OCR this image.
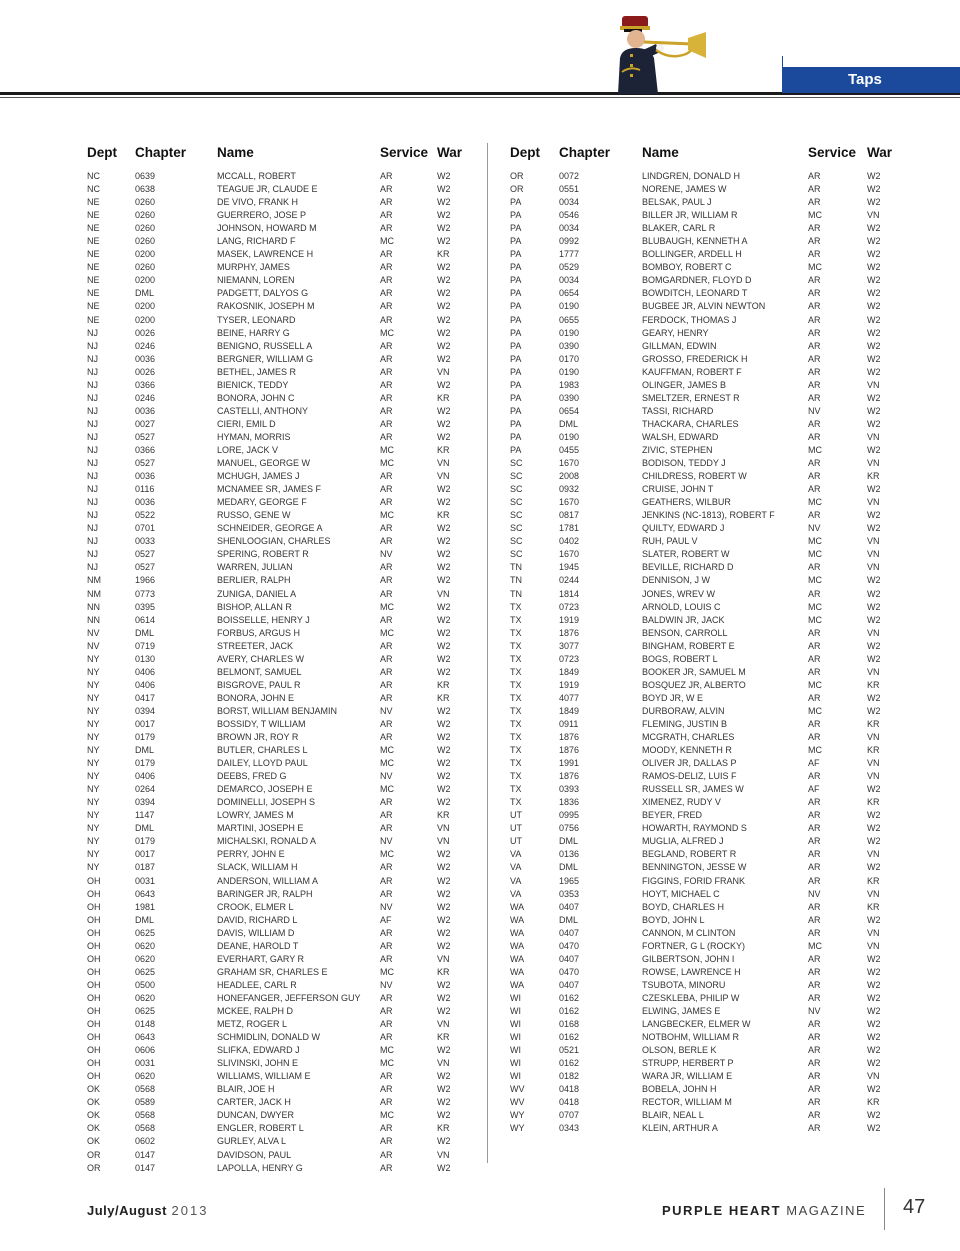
Taps
Dept Chapter Name	Service War
NC	0639	MCCALL, ROBERT	AR	W2
NC	0638	TEAGUE JR, CLAUDE E	AR	W2
NE	0260	DE VIVO, FRANK H	AR	W2
NE	0260	GUERRERO, JOSE P	AR	W2
NE	0260	JOHNSON, HOWARD M	AR	W2
NE	0260	LANG, RICHARD F	MC	W2
NE	0200	MASEK, LAWRENCE H	AR	KR
NE	0260	MURPHY, JAMES	AR	W2
NE	0200	NIEMANN, LOREN	AR	W2
NE	DML	PADGETT, DALYOS G	AR	W2
NE	0200	RAKOSNIK, JOSEPH M	AR	W2
NE	0200	TYSER, LEONARD	AR	W2
NJ	0026	BEINE, HARRY G	MC	W2
NJ	0246	BENIGNO, RUSSELL A	AR	W2
NJ	0036	BERGNER, WILLIAM G	AR	W2
NJ	0026	BETHEL, JAMES R	AR	VN
NJ	0366	BIENICK, TEDDY	AR	W2
NJ	0246	BONORA, JOHN C	AR	KR
NJ	0036	CASTELLI, ANTHONY	AR	W2
NJ	0027	CIERI, EMIL D	AR	W2
NJ	0527	HYMAN, MORRIS	AR	W2
NJ	0366	LORE, JACK V	MC	KR
NJ	0527	MANUEL, GEORGE W	MC	VN
NJ	0036	MCHUGH, JAMES J	AR	VN
NJ	0116	MCNAMEE SR, JAMES F	AR	W2
NJ	0036	MEDARY, GEORGE F	AR	W2
NJ	0522	RUSSO, GENE W	MC	KR
NJ	0701	SCHNEIDER, GEORGE A	AR	W2
NJ	0033	SHENLOOGIAN, CHARLES	AR	W2
NJ	0527	SPERING, ROBERT R	NV	W2
NJ	0527	WARREN, JULIAN	AR	W2
NM	1966	BERLIER, RALPH	AR	W2
NM	0773	ZUNIGA, DANIEL A	AR	VN
NN	0395	BISHOP, ALLAN R	MC	W2
NN	0614	BOISSELLE, HENRY J	AR	W2
NV	DML	FORBUS, ARGUS H	MC	W2
NV	0719	STREETER, JACK	AR	W2
NY	0130	AVERY, CHARLES W	AR	W2
NY	0406	BELMONT, SAMUEL	AR	W2
NY	0406	BISGROVE, PAUL R	AR	KR
NY	0417	BONORA, JOHN E	AR	KR
NY	0394	BORST, WILLIAM BENJAMIN	NV	W2
NY	0017	BOSSIDY, T WILLIAM	AR	W2
NY	0179	BROWN JR, ROY R	AR	W2
NY	DML	BUTLER, CHARLES L	MC	W2
NY	0179	DAILEY, LLOYD PAUL	MC	W2
NY	0406	DEEBS, FRED G	NV	W2
NY	0264	DEMARCO, JOSEPH E	MC	W2
NY	0394	DOMINELLI, JOSEPH S	AR	W2
NY	1147	LOWRY, JAMES M	AR	KR
NY	DML	MARTINI, JOSEPH E	AR	VN
NY	0179	MICHALSKI, RONALD A	NV	VN
NY	0017	PERRY, JOHN E	MC	W2
NY	0187	SLACK, WILLIAM H	AR	W2
OH	0031	ANDERSON, WILLIAM A	AR	W2
OH	0643	BARINGER JR, RALPH	AR	W2
OH	1981	CROOK, ELMER L	NV	W2
OH	DML	DAVID, RICHARD L	AF	W2
OH	0625	DAVIS, WILLIAM D	AR	W2
OH	0620	DEANE, HAROLD T	AR	W2
OH	0620	EVERHART, GARY R	AR	VN
OH	0625	GRAHAM SR, CHARLES E	MC	KR
OH	0500	HEADLEE, CARL R	NV	W2
OH	0620	HONEFANGER, JEFFERSON GUY AR	W2
OH	0625	MCKEE, RALPH D	AR	W2
OH	0148	METZ, ROGER L	AR	VN
OH	0643	SCHMIDLIN, DONALD W	AR	KR
OH	0606	SLIFKA, EDWARD J	MC	W2
OH	0031	SLIVINSKI, JOHN E	MC	VN
OH	0620	WILLIAMS, WILLIAM E	AR	W2
OK	0568	BLAIR, JOE H	AR	W2
OK	0589	CARTER, JACK H	AR	W2
OK	0568	DUNCAN, DWYER	MC	W2
OK	0568	ENGLER, ROBERT L	AR	KR
OK	0602	GURLEY, ALVA L	AR	W2
OR	0147	DAVIDSON, PAUL	AR	VN
OR	0147	LAPOLLA, HENRY G	AR	W2
Dept Chapter Name	Service War
OR	0072	LINDGREN, DONALD H	AR	W2
OR	0551	NORENE, JAMES W	AR	W2
PA	0034	BELSAK, PAUL J	AR	W2
PA	0546	BILLER JR, WILLIAM R	MC	VN
PA	0034	BLAKER, CARL R	AR	W2
PA	0992	BLUBAUGH, KENNETH A	AR	W2
PA	1777	BOLLINGER, ARDELL H	AR	W2
PA	0529	BOMBOY, ROBERT C	MC	W2
PA	0034	BOMGARDNER, FLOYD D	AR	W2
PA	0654	BOWDITCH, LEONARD T	AR	W2
PA	0190	BUGBEE JR, ALVIN NEWTON	AR	W2
PA	0655	FERDOCK, THOMAS J	AR	W2
PA	0190	GEARY, HENRY	AR	W2
PA	0390	GILLMAN, EDWIN	AR	W2
PA	0170	GROSSO, FREDERICK H	AR	W2
PA	0190	KAUFFMAN, ROBERT F	AR	W2
PA	1983	OLINGER, JAMES B	AR	VN
PA	0390	SMELTZER, ERNEST R	AR	W2
PA	0654	TASSI, RICHARD	NV	W2
PA	DML	THACKARA, CHARLES	AR	W2
PA	0190	WALSH, EDWARD	AR	VN
PA	0455	ZIVIC, STEPHEN	MC	W2
SC	1670	BODISON, TEDDY J	AR	VN
SC	2008	CHILDRESS, ROBERT W	AR	KR
SC	0932	CRUISE, JOHN T	AR	W2
SC	1670	GEATHERS, WILBUR	MC	VN
SC	0817	JENKINS (NC-1813), ROBERT F	AR	W2
SC	1781	QUILTY, EDWARD J	NV	W2
SC	0402	RUH, PAUL V	MC	VN
SC	1670	SLATER, ROBERT W	MC	VN
TN	1945	BEVILLE, RICHARD D	AR	VN
TN	0244	DENNISON, J W	MC	W2
TN	1814	JONES, WREV W	AR	W2
TX	0723	ARNOLD, LOUIS C	MC	W2
TX	1919	BALDWIN JR, JACK	MC	W2
TX	1876	BENSON, CARROLL	AR	VN
TX	3077	BINGHAM, ROBERT E	AR	W2
TX	0723	BOGS, ROBERT L	AR	W2
TX	1849	BOOKER JR, SAMUEL M	AR	VN
TX	1919	BOSQUEZ JR, ALBERTO	MC	KR
TX	4077	BOYD JR, W E	AR	W2
TX	1849	DURBORAW, ALVIN	MC	W2
TX	0911	FLEMING, JUSTIN B	AR	KR
TX	1876	MCGRATH, CHARLES	AR	VN
TX	1876	MOODY, KENNETH R	MC	KR
TX	1991	OLIVER JR, DALLAS P	AF	VN
TX	1876	RAMOS-DELIZ, LUIS F	AR	VN
TX	0393	RUSSELL SR, JAMES W	AF	W2
TX	1836	XIMENEZ, RUDY V	AR	KR
UT	0995	BEYER, FRED	AR	W2
UT	0756	HOWARTH, RAYMOND S	AR	W2
UT	DML	MUGLIA, ALFRED J	AR	W2
VA	0136	BEGLAND, ROBERT R	AR	VN
VA	DML	BENNINGTON, JESSE W	AR	W2
VA	1965	FIGGINS, FORID FRANK	AR	KR
VA	0353	HOYT, MICHAEL C	NV	VN
WA	0407	BOYD, CHARLES H	AR	KR
WA	DML	BOYD, JOHN L	AR	W2
WA	0407	CANNON, M CLINTON	AR	VN
WA	0470	FORTNER, G L (ROCKY)	MC	VN
WA	0407	GILBERTSON, JOHN I	AR	W2
WA	0470	ROWSE, LAWRENCE H	AR	W2
WA	0407	TSUBOTA, MINORU	AR	W2
WI	0162	CZESKLEBA, PHILIP W	AR	W2
WI	0162	ELWING, JAMES E	NV	W2
WI	0168	LANGBECKER, ELMER W	AR	W2
WI	0162	NOTBOHM, WILLIAM R	AR	W2
WI	0521	OLSON, BERLE K	AR	W2
WI	0162	STRUPP, HERBERT P	AR	W2
WI	0182	WARA JR, WILLIAM E	AR	VN
WV	0418	BOBELA, JOHN H	AR	W2
WV	0418	RECTOR, WILLIAM M	AR	KR
WY	0707	BLAIR, NEAL L	AR	W2
WY	0343	KLEIN, ARTHUR A	AR	W2
July/August 2013	PURPLE HEART MAGAZINE 47
